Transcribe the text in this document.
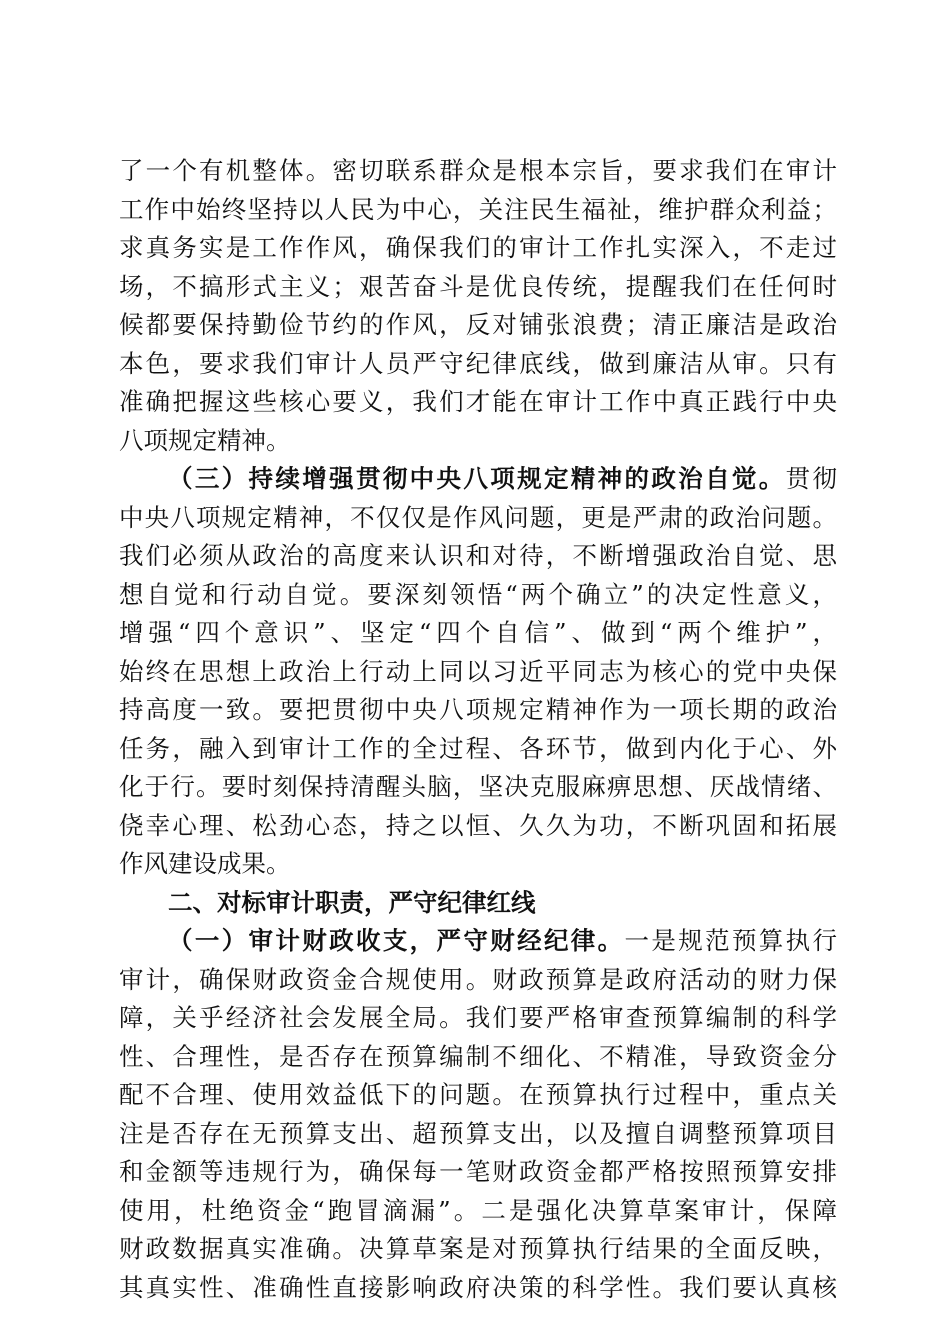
了一个有机整体。密切联系群众是根本宗旨，要求我们在审计
工作中始终坚持以人民为中心，关注民生福祉，维护群众利益；
求真务实是工作作风，确保我们的审计工作扎实深入，不走过
场，不搞形式主义；艰苦奋斗是优良传统，提醒我们在任何时
候都要保持勤俭节约的作风，反对铺张浪费；清正廉洁是政治
本色，要求我们审计人员严守纪律底线，做到廉洁从审。只有
准确把握这些核心要义，我们才能在审计工作中真正践行中央
八项规定精神。
（三）持续增强贯彻中央八项规定精神的政治自觉。贯彻
中央八项规定精神，不仅仅是作风问题，更是严肃的政治问题。
我们必须从政治的高度来认识和对待，不断增强政治自觉、思
想自觉和行动自觉。要深刻领悟“两个确立”的决定性意义，
增强“四个意识”、坚定“四个自信”、做到“两个维护”，
始终在思想上政治上行动上同以习近平同志为核心的党中央保
持高度一致。要把贯彻中央八项规定精神作为一项长期的政治
任务，融入到审计工作的全过程、各环节，做到内化于心、外
化于行。要时刻保持清醒头脑，坚决克服麻痹思想、厌战情绪、
侥幸心理、松劲心态，持之以恒、久久为功，不断巩固和拓展
作风建设成果。
二、对标审计职责，严守纪律红线
（一）审计财政收支，严守财经纪律。一是规范预算执行
审计，确保财政资金合规使用。财政预算是政府活动的财力保
障，关乎经济社会发展全局。我们要严格审查预算编制的科学
性、合理性，是否存在预算编制不细化、不精准，导致资金分
配不合理、使用效益低下的问题。在预算执行过程中，重点关
注是否存在无预算支出、超预算支出，以及擅自调整预算项目
和金额等违规行为，确保每一笔财政资金都严格按照预算安排
使用，杜绝资金“跑冒滴漏”。二是强化决算草案审计，保障
财政数据真实准确。决算草案是对预算执行结果的全面反映，
其真实性、准确性直接影响政府决策的科学性。我们要认真核
